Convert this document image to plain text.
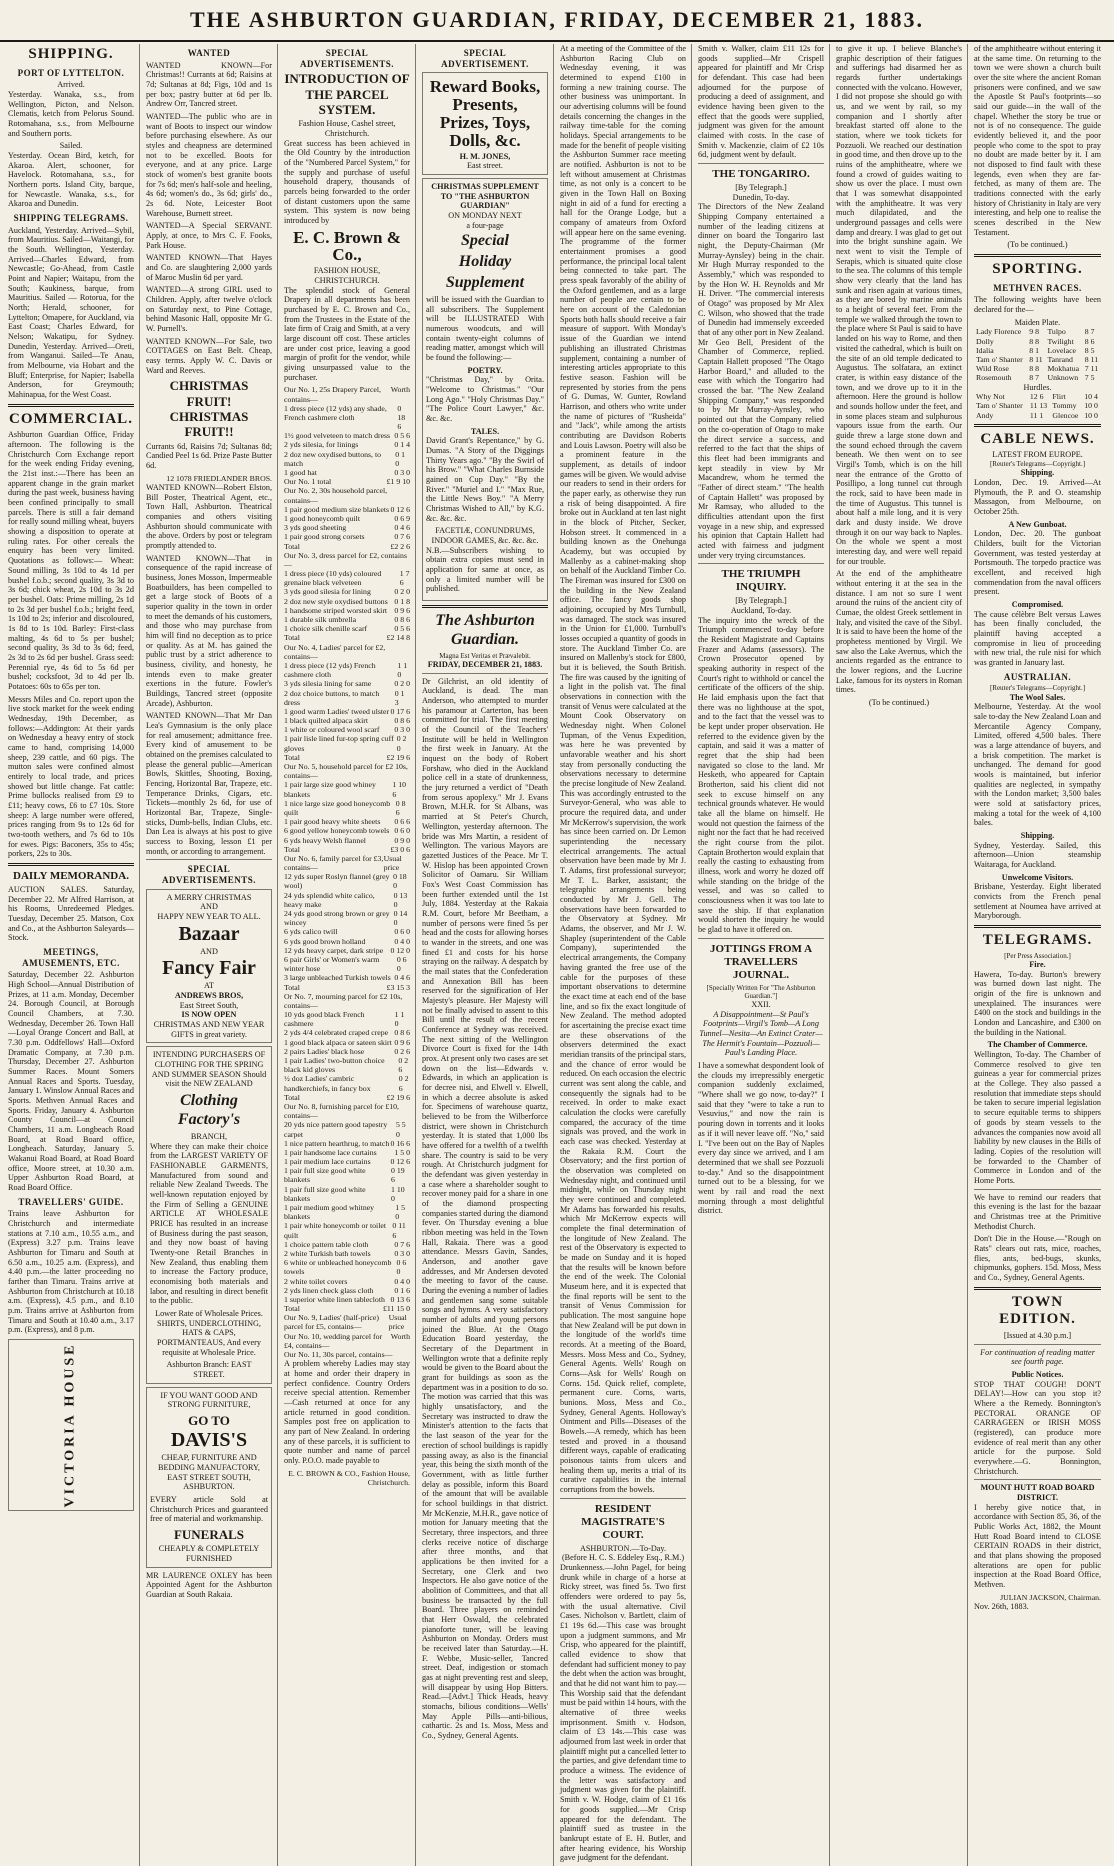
THE ASHBURTON GUARDIAN, FRIDAY, DECEMBER 21, 1883.
SHIPPING.
PORT OF LYTTELTON.
Arrived.

Yesterday. Wanaka, s.s., from Wellington, Picton, and Nelson. Clematis, ketch from Pelorus Sound. Rotomahana, s.s., from Melbourne and Southern ports.

Sailed.

Yesterday. Ocean Bird, ketch, for Akaroa. Alert, schooner, for Havelock. Rotomahana, s.s., for Northern ports. Island City, barque, for Newcastle. Wanaka, s.s., for Akaroa and Dunedin.

SHIPPING TELEGRAMS.

Auckland, Yesterday. Arrived—Sybil, from Mauritius. Sailed—Waitangi, for the South. Wellington, Yesterday. Arrived—Charles Edward, from Newcastle; Go-Ahead, from Castle Point and Napier; Waitapu, from the South; Kaukiness, barque, from Mauritius. Sailed — Rotorua, for the North; Herald, schooner, for Lyttelton; Omapere, for Auckland, via East Coast; Charles Edward, for Nelson; Wakatipu, for Sydney. Dunedin, Yesterday. Arrived—Oreti, from Wanganui. Sailed—Te Anau, from Melbourne, via Hobart and the Bluff; Enterprise, for Napier; Isabella Anderson, for Greymouth; Mahinapua, for the West Coast.

COMMERCIAL.

Ashburton Guardian Office, Friday afternoon. The following is the Christchurch Corn Exchange report for the week ending Friday evening, the 21st inst.:—There has been an apparent change in the grain market during the past week, business having been confined principally to small parcels. There is still a fair demand for really sound milling wheat, buyers showing a disposition to operate at ruling rates. For other cereals the enquiry has been very limited. Quotations as follows:— Wheat: Sound milling, 3s 10d to 4s 1d per bushel f.o.b.; second quality, 3s 3d to 3s 6d; chick wheat, 2s 10d to 3s 2d per bushel. Oats: Prime milling, 2s 1d to 2s 3d per bushel f.o.b.; bright feed, 1s 10d to 2s; inferior and discoloured, 1s 8d to 1s 10d. Barley: First-class malting, 4s 6d to 5s per bushel; second quality, 3s 3d to 3s 6d; feed, 2s 3d to 2s 6d per bushel. Grass seed: Perennial rye, 4s 6d to 5s 6d per bushel; cocksfoot, 3d to 4d per lb. Potatoes: 60s to 65s per ton.

Messrs Miles and Co. report upon the live stock market for the week ending Wednesday, 19th December, as follows:—Addington: At their yards on Wednesday a heavy entry of stock came to hand, comprising 14,000 sheep, 239 cattle, and 60 pigs. The mutton sales were confined almost entirely to local trade, and prices showed but little change. Fat cattle: Prime bullocks realised from £9 to £11; heavy cows, £6 to £7 10s. Store sheep: A large number were offered, prices ranging from 9s to 12s 6d for two-tooth wethers, and 7s 6d to 10s for ewes. Pigs: Baconers, 35s to 45s; porkers, 22s to 30s.

DAILY MEMORANDA.

AUCTION SALES. Saturday, December 22. Mr Alfred Harrison, at his Rooms, Unredeemed Pledges. Tuesday, December 25. Matson, Cox and Co., at the Ashburton Saleyards—Stock.

MEETINGS, AMUSEMENTS, ETC.

Saturday, December 22. Ashburton High School—Annual Distribution of Prizes, at 11 a.m. Monday, December 24. Borough Council, at Borough Council Chambers, at 7.30. Wednesday, December 26. Town Hall—Loyal Orange Concert and Ball, at 7.30 p.m. Oddfellows' Hall—Oxford Dramatic Company, at 7.30 p.m. Thursday, December 27. Ashburton Summer Races. Mount Somers Annual Races and Sports. Tuesday, January 1. Winslow Annual Races and Sports. Methven Annual Races and Sports. Friday, January 4. Ashburton County Council—at Council Chambers, 11 a.m. Longbeach Road Board, at Road Board office, Longbeach. Saturday, January 5. Wakanui Road Board, at Road Board office, Moore street, at 10.30 a.m. Upper Ashburton Road Board, at Road Board Office.

TRAVELLERS' GUIDE.

Trains leave Ashburton for Christchurch and intermediate stations at 7.10 a.m., 10.55 a.m., and (Express) 3.27 p.m. Trains leave Ashburton for Timaru and South at 6.50 a.m., 10.25 a.m. (Express), and 4.40 p.m.—the latter proceeding no farther than Timaru. Trains arrive at Ashburton from Christchurch at 10.18 a.m. (Express), 4.5 p.m., and 8.10 p.m. Trains arrive at Ashburton from Timaru and South at 10.40 a.m., 3.17 p.m. (Express), and 8 p.m.

VICTORIA HOUSE
WANTED

WANTED KNOWN—For Christmas!! Currants at 6d; Raisins at 7d; Sultanas at 8d; Figs, 10d and 1s per box; pastry butter at 6d per lb. Andrew Orr, Tancred street.

WANTED—The public who are in want of Boots to inspect our window before purchasing elsewhere. As our styles and cheapness are determined not to be excelled. Boots for everyone, and at any price. Large stock of women's best granite boots for 7s 6d; men's half-sole and heeling, 4s 6d; women's do., 3s 6d; girls' do., 2s 6d. Note, Leicester Boot Warehouse, Burnett street.

WANTED—A Special SERVANT. Apply, at once, to Mrs C. F. Fooks, Park House.

WANTED KNOWN—That Hayes and Co. are slaughtering 2,000 yards of Maroc Muslin 6d per yard.

WANTED—A strong GIRL used to Children. Apply, after twelve o'clock on Saturday next, to Pine Cottage, behind Masonic Hall, opposite Mr G. W. Purnell's.

WANTED KNOWN—For Sale, two COTTAGES on East Belt. Cheap, easy terms. Apply W. C. Davis or Ward and Reeves.

CHRISTMAS FRUIT! CHRISTMAS FRUIT!!

Currants 6d, Raisins 7d; Sultanas 8d; Candied Peel 1s 6d. Prize Paste Butter 6d.

12 1078 FRIEDLANDER BROS.

WANTED KNOWN—Robert Elston, Bill Poster, Theatrical Agent, etc., Town Hall, Ashburton. Theatrical companies and others visiting Ashburton should communicate with the above. Orders by post or telegram promptly attended to.

WANTED KNOWN—That in consequence of the rapid increase of business, Jones Mosson, Impermeable Boatbuilders, has been compelled to get a large stock of Boots of a superior quality in the town in order to meet the demands of his customers, and those who may purchase from him will find no deception as to price or quality. As at M. has gained the public trust by a strict adherence to business, civility, and honesty, he intends even to make greater exertions in the future. Fowler's Buildings, Tancred street (opposite Arcade), Ashburton.

WANTED KNOWN—That Mr Dan Lea's Gymnasium is the only place for real amusement; admittance free. Every kind of amusement to be obtained on the premises calculated to please the general public—American Bowls, Skittles, Shooting, Boxing, Fencing, Horizontal Bar, Trapeze, etc. Temperance Drinks, Cigars, etc. Tickets—monthly 2s 6d, for use of Horizontal Bar, Trapeze, Single-sticks, Dumb-bells, Indian Clubs, etc. Dan Lea is always at his post to give success to Boxing, lesson £1 per month, or according to arrangement.

SPECIAL ADVERTISEMENTS.
A MERRY CHRISTMAS
AND
HAPPY NEW YEAR TO ALL.
Bazaar
AND
Fancy Fair
AT
ANDREWS BROS,
East Street South,
IS NOW OPEN
CHRISTMAS AND NEW YEAR GIFTS in great variety.

INTENDING PURCHASERS OF CLOTHING FOR THE SPRING AND SUMMER SEASON Should visit the NEW ZEALAND

Clothing Factory's
BRANCH,

Where they can make their choice from the LARGEST VARIETY OF FASHIONABLE GARMENTS, Manufactured from sound and reliable New Zealand Tweeds. The well-known reputation enjoyed by the Firm of Selling a GENUINE ARTICLE AT WHOLESALE PRICE has resulted in an increase of Business during the past season, and they now boast of having Twenty-one Retail Branches in New Zealand, thus enabling them to increase the Factory produce, economising both materials and labor, and resulting in direct benefit to the public.

Lower Rate of Wholesale Prices.

SHIRTS, UNDERCLOTHING, HATS & CAPS, PORTMANTEAUS, And every requisite at Wholesale Price.

Ashburton Branch: EAST STREET.

IF YOU WANT GOOD AND STRONG FURNITURE,

GO TO
DAVIS'S

CHEAP, FURNITURE AND BEDDING MANUFACTORY, EAST STREET SOUTH, ASHBURTON.

EVERY article Sold at Christchurch Prices and guaranteed free of material and workmanship.

FUNERALS
CHEAPLY & COMPLETELY FURNISHED

MR LAURENCE OXLEY has been Appointed Agent for the Ashburton Guardian at South Rakaia.

SPECIAL ADVERTISEMENTS.
INTRODUCTION OF THE PARCEL SYSTEM.
Fashion House, Cashel street, Christchurch.

Great success has been achieved in the Old Country by the introduction of the "Numbered Parcel System," for the supply and purchase of useful household drapery, thousands of parcels being forwarded to the order of distant customers upon the same system. This system is now being introduced by

E. C. Brown & Co.,
FASHION HOUSE, CHRISTCHURCH.

The splendid stock of General Drapery in all departments has been purchased by E. C. Brown and Co., from the Trustees in the Estate of the late firm of Craig and Smith, at a very large discount off cost. These articles are under cost price, leaving a good margin of profit for the vendor, while giving unsurpassed value to the purchaser.

Our No. 1, 25s Drapery Parcel, contains—
Worth
1 dress piece (12 yds) any shade, French cashmere cloth
0 18 6
1½ good velveteen to match dress 0 5 6
2 yds silesia, for linings	0 1 4
2 doz new oxydised buttons, to match
0 1 0
1 good hat	0 3 0
Our No. 1 total	£1 9 10
Our No. 2, 30s household parcel, contains—
1 pair good medium size blankets 0 12 6
1 good honeycomb quilt	0 6 9
3 yds good sheeting	0 4 6
1 pair good strong corsets	0 7 6
Total	£2 2 6
Our No. 3, dress parcel for £2, contains—
1 dress piece (10 yds) coloured grenaine black velveteen
1 7 6
3 yds good silesia for lining	0 2 0
2 doz new style oxydised buttons 0 1 8
1 handsome striped worsted skirt 0 9 6
1 durable silk umbrella	0 8 6
1 choice silk chenille scarf	0 5 6
Total	£2 14 8
Our No. 4, Ladies' parcel for £2, contains—
1 dress piece (12 yds) French cashmere cloth
1 1 0
3 yds silesia lining for same	0 2 0
2 doz choice buttons, to match dress
0 1 3
1 good warm Ladies' tweed ulster 0 17 6
1 black quilted alpaca skirt	0 8 6
1 white or coloured wool scarf 0 3 0
1 pair lisle lined fur-top spring cuff gloves
0 2 0
Total	£2 19 6
Our No. 5, household parcel for £2 10s, contains—
1 pair large size good whiney blankets
1 10 6
1 nice large size good honeycomb quilt
0 8 6
1 pair good heavy white sheets 0 6 6
6 good yellow honeycomb towels 0 6 0
6 yds heavy Welsh flannel	0 9 0
Total	£3 0 6
Our No. 6, family parcel for £3, contains—
Usual price
12 yds super Roslyn flannel (grey wool)
0 18 0
24 yds splendid white calico, heavy make
0 13 0
24 yds good strong brown or grey wincey
0 14 0
6 yds calico twill	0 6 0
6 yds good brown holland	0 4 0
12 yds heavy carpet, dark stripe 0 12 0
6 pair Girls' or Women's warm winter hose
0 6 0
3 large unbleached Turkish towels 0 4 6
Total	£3 15 3
Or No. 7, mourning parcel for £2 10s, contains—
10 yds good black French cashmere
1 1 0
2 yds 4/4 celebrated craped crepe 0 8 6
1 good black alpaca or sateen skirt 0 9 6
2 pairs Ladies' black hose	0 2 6
1 pair Ladies' two-button choice black kid gloves
0 2 6
½ doz Ladies' cambric handkerchiefs, in fancy box
0 2 6
Total	£2 19 6
Our No. 8, furnishing parcel for £10, contains—
20 yds nice pattern good tapestry carpet
5 5 0
1 nice pattern hearthrug, to match 0 16 6
1 pair handsome lace curtains 1 5 0
1 pair medium lace curtains	0 12 6
1 pair full size good white blankets
0 19 6
1 pair full size good white blankets
1 10 0
1 pair medium good whitney blankets
1 5 0
1 pair white honeycomb or toilet quilt
0 11 6
1 choice pattern table cloth	0 7 6
2 white Turkish bath towels	0 3 0
6 white or unbleached honeycomb towels
0 6 0
2 white toilet covers	0 4 0
2 yds linen check glass cloth	0 1 6
1 superior white linen tablecloth 0 13 6
Total	£11 15 0
Our No. 9, Ladies' (half-price) parcel for £5, contains—
Usual price
Our No. 10, wedding parcel for £4, contains—
Worth
Our No. 11, 30s parcel, contains—

A problem whereby Ladies may stay at home and order their drapery in perfect confidence. Country Orders receive special attention. Remember—Cash returned at once for any article returned in good condition. Samples post free on application to any part of New Zealand. In ordering any of these parcels, it is sufficient to quote number and name of parcel only. P.O.O. made payable to

E. C. BROWN & CO., Fashion House, Christchurch.
SPECIAL ADVERTISEMENT.
Reward Books, Presents, Prizes, Toys, Dolls, &c.
H. M. JONES,
East street.
CHRISTMAS SUPPLEMENT TO "THE ASHBURTON GUARDIAN"
ON MONDAY NEXT
a four-page
Special
Holiday
Supplement

will be issued with the Guardian to all subscribers. The Supplement will be ILLUSTRATED With numerous woodcuts, and will contain twenty-eight columns of reading matter, amongst which will be found the following:—

POETRY.

"Christmas Day," by Orita. "Welcome to Christmas." "Our Long Ago." "Holy Christmas Day." "The Police Court Lawyer," &c. &c. &c.

TALES.

David Grant's Repentance," by G. Dumas. "A Story of the Diggings Thirty Years ago." "By the Swirl of his Brow." "What Charles Burnside gained on Cup Day." "By the River." "Muriel and I." "Max Rue, the Little News Boy." "A Merry Christmas Wished to All," by K.G. &c. &c. &c.

FACETIÆ, CONUNDRUMS, INDOOR GAMES, &c. &c. &c.

N.B.—Subscribers wishing to obtain extra copies must send in application for same at once, as only a limited number will be published.

The Ashburton Guardian.
Magna Est Veritas et Prævalebit.
FRIDAY, DECEMBER 21, 1883.

Dr Gilchrist, an old identity of Auckland, is dead. The man Anderson, who attempted to murder his paramour at Carterton, has been committed for trial. The first meeting of the Council of the Teachers' Institute will be held in Wellington the first week in January. At the inquest on the body of Robert Forshaw, who died in the Auckland police cell in a state of drunkenness, the jury returned a verdict of "Death from serous apoplexy." Mr J. Evans Brown, M.H.R. for St Albans, was married at St Peter's Church, Wellington, yesterday afternoon. The bride was Mrs Martin, a resident of Wellington. The various Mayors are gazetted Justices of the Peace. Mr T. W. Hislop has been appointed Crown Solicitor of Oamaru. Sir William Fox's West Coast Commission has been further extended until the 1st July, 1884. Yesterday at the Rakaia R.M. Court, before Mr Beetham, a number of persons were fined 5s per head and the costs for allowing horses to wander in the streets, and one was fined £1 and costs for his horse straying on the railway. A despatch by the mail states that the Confederation and Annexation Bill has been reserved for the signification of Her Majesty's pleasure. Her Majesty will not be finally advised to assent to this Bill until the result of the recent Conference at Sydney was received. The next sitting of the Wellington Divorce Court is fixed for the 14th prox. At present only two cases are set down on the list—Edwards v. Edwards, in which an application is for decree nisi, and Elwell v. Elwell, in which a decree absolute is asked for. Specimens of warehouse quartz, believed to be from the Wilberforce district, were shown in Christchurch yesterday. It is stated that 1,000 lbs have offered for a twelfth of a twelfth share. The country is said to be very rough. At Christchurch judgment for the defendant was given yesterday in a case where a shareholder sought to recover money paid for a share in one of the diamond prospecting companies started during the diamond fever. On Thursday evening a blue ribbon meeting was held in the Town Hall, Rakaia. There was a good attendance. Messrs Gavin, Sandes, Anderson, and another gave addresses, and Mr Andersen devoted the meeting to favor of the cause. During the evening a number of ladies and gentlemen sang some suitable songs and hymns. A very satisfactory number of adults and young persons joined the Blue. At the Otago Education Board yesterday, the Secretary of the Department in Wellington wrote that a definite reply would be given to the Board about the grant for buildings as soon as the department was in a position to do so. The motion was carried that this was highly unsatisfactory, and the Secretary was instructed to draw the Minister's attention to the facts that the last season of the year for the erection of school buildings is rapidly passing away, as also is the financial year, this being the sixth month of the Government, with as little further delay as possible, inform this Board of the amount that will be available for school buildings in that district. Mr McKenzie, M.H.R., gave notice of motion for January meeting that the Secretary, three inspectors, and three clerks receive notice of discharge after three months, and that applications be then invited for a Secretary, one Clerk and two Inspectors. He also gave notice of the abolition of Committees, and that all business be transacted by the full Board. Three players on reminded that Herr Oswald, the celebrated pianoforte tuner, will be leaving Ashburton on Monday. Orders must be received later than Saturday.—H. F. Webbe, Music-seller, Tancred street. Deaf, indigestion or stomach gas at night preventing rest and sleep, will disappear by using Hop Bitters. Read.—[Advt.] Thick Heads, heavy stomachs, bilious conditions—Wells' May Apple Pills—anti-bilious, cathartic. 2s and 1s. Moss, Mess and Co., Sydney, General Agents.

At a meeting of the Committee of the Ashburton Racing Club on Wednesday evening, it was determined to expend £100 in forming a new training course. The other business was unimportant. In our advertising columns will be found details concerning the changes in the railway time-table for the coming holidays. Special arrangements to be made for the benefit of people visiting the Ashburton Summer race meeting are notified. Ashburton is not to be left without amusement at Christmas time, as not only is a concert to be given in the Town Hall on Boxing night in aid of a fund for erecting a hall for the Orange Lodge, but a company of amateurs from Oxford will appear here on the same evening. The programme of the former entertainment promises a good performance, the principal local talent being connected to take part. The press speak favorably of the ability of the Oxford gentlemen, and as a large number of people are certain to be here on account of the Caledonian Sports both halls should receive a fair measure of support. With Monday's issue of the Guardian we intend publishing an illustrated Christmas supplement, containing a number of interesting articles appropriate to this festive season. Fashion will be represented by stories from the pens of G. Dumas, W. Gunter, Rowland Harrison, and others who write under the name of pictures of "Rusheida" and "Jack", while among the artists contributing are Davidson Roberts and Louis Lawson. Poetry will also be a prominent feature in the supplement, as details of indoor games will be given. We would advise our readers to send in their orders for the paper early, as otherwise they run a risk of being disappointed. A fire broke out in Auckland at ten last night in the block of Pitcher, Secker, Hobson street. It commenced in a building known as the Onehunga Academy, but was occupied by Mallenby as a cabinet-making shop on behalf of the Auckland Timber Co. The Fireman was insured for £300 on the building in the New Zealand office. The fancy goods shop adjoining, occupied by Mrs Turnbull, was damaged. The stock was insured in the Union for £1,000. Turnbull's losses occupied a quantity of goods in store. The Auckland Timber Co. are insured on Mallenby's stock for £800, but it is believed, the South British. The fire was caused by the igniting of a light in the polish vat. The final observations in connection with the transit of Venus were calculated at the Mount Cook Observatory on Wednesday night. When Colonel Tupman, of the Venus Expedition, was here he was prevented by unfavorable weather and his short stay from personally conducting the observations necessary to determine the precise longitude of New Zealand. This was accordingly entrusted to the Surveyor-General, who was able to procure the required data, and under Mr McKerrow's supervision, the work has since been carried on. Dr Lemon superintending the necessary electrical arrangements. The actual observation have been made by Mr J. T. Adams, first professional surveyor; Mr T. L. Barker, assistant; the telegraphic arrangements being conducted by Mr J. Gell. The observations have been forwarded to the Observatory at Sydney. Mr Adams, the observer, and Mr J. W. Shapley (superintendent of the Cable Company), superintended the electrical arrangements, the Company having granted the free use of the cable for the purposes of these important observations to determine the exact time at each end of the base line, and so fix the exact longitude of New Zealand. The method adopted for ascertaining the precise exact time are these observations of the observers determined the exact meridian transits of the principal stars, and the chance of error would be reduced. On each occasion the electric current was sent along the cable, and consequently the signals had to be received. In order to make exact calculation the clocks were carefully compared, the accuracy of the time signals was proved, and the work in each case was checked. Yesterday at the Rakaia R.M. Court the Observatory; and the first portion of the observation was completed on Wednesday night, and continued until midnight, while on Thursday night they were continued and completed. Mr Adams has forwarded his results, which Mr McKerrow expects will complete the final determination of the longitude of New Zealand. The rest of the Observatory is expected to be made on Sunday and it is hoped that the results will be known before the end of the week. The Colonial Museum here, and it is expected that the final reports will be sent to the transit of Venus Commission for publication. The most sanguine hope that New Zealand will be put down in the longitude of the world's time records. At a meeting of the Board, Messrs. Moss Mess and Co., Sydney, General Agents. Wells' Rough on Corns—Ask for Wells' Rough on Corns. 15d. Quick relief, complete, permanent cure. Corns, warts, bunions. Moss, Mess and Co., Sydney, General Agents. Holloway's Ointment and Pills—Diseases of the Bowels.—A remedy, which has been tested and proved in a thousand different ways, capable of eradicating poisonous taints from ulcers and healing them up, merits a trial of its curative capabilities in the internal corruptions from the bowels.

RESIDENT MAGISTRATE'S COURT.
ASHBURTON.—To-Day.
(Before H. C. S. Eddeley Esq., R.M.)

Drunkenness.—John Pagel, for being drunk while in charge of a horse at Ricky street, was fined 5s. Two first offenders were ordered to pay 5s, with the usual alternative. Civil Cases. Nicholson v. Bartlett, claim of £1 19s 6d.—This case was brought upon a judgment summons, and Mr Crisp, who appeared for the plaintiff, called evidence to show that defendant had sufficient money to pay the debt when the action was brought, and that he did not want him to pay.—This Worship said that the defendant must be paid within 14 hours, with the alternative of three weeks imprisonment. Smith v. Hodson, claim of £3 14s.—This case was adjourned from last week in order that plaintiff might put a cancelled letter to the parties, and give defendant time to produce a witness. The evidence of the letter was satisfactory and judgment was given for the plaintiff. Smith v. W. Hodge, claim of £1 16s for goods supplied.—Mr Crisp appeared for the defendant. The plaintiff sued as trustee in the bankrupt estate of E. H. Butler, and after hearing evidence, his Worship gave judgment for the defendant.

Smith v. Walker, claim £11 12s for goods supplied—Mr Crispell appeared for plaintiff and Mr Crisp for defendant. This case had been adjourned for the purpose of producing a deed of assignment, and evidence having been given to the effect that the goods were supplied, judgment was given for the amount claimed with costs. In the case of Smith v. Mackenzie, claim of £2 10s 6d, judgment went by default.

THE TONGARIRO.
[By Telegraph.]
Dunedin, To-day.

The Directors of the New Zealand Shipping Company entertained a number of the leading citizens at dinner on board the Tongariro last night, the Deputy-Chairman (Mr Murray-Aynsley) being in the chair. Mr Hugh Murray responded to the Assembly," which was responded to by the Hon W. H. Reynolds and Mr H. Driver. "The commercial interests of Otago" was proposed by Mr Alex C. Wilson, who showed that the trade of Dunedin had immensely exceeded that of any other port in New Zealand. Mr Geo Bell, President of the Chamber of Commerce, replied. Captain Hallett proposed "The Otago Harbor Board," and alluded to the ease with which the Tongariro had crossed the bar. "The New Zealand Shipping Company," was responded to by Mr Murray-Aynsley, who pointed out that the Company relied on the co-operation of Otago to make the direct service a success, and referred to the fact that the ships of this fleet had been immigrants and kept steadily in view by Mr Macandrew, whom he termed the "Father of direct steam." "The health of Captain Hallett" was proposed by Mr Ramsay, who alluded to the difficulties attendant upon the first voyage in a new ship, and expressed his opinion that Captain Hallett had acted with fairness and judgment under very trying circumstances.

THE TRIUMPH INQUIRY.
[By Telegraph.]
Auckland, To-day.

The inquiry into the wreck of the Triumph commenced to-day before the Resident Magistrate and Captains Frazer and Adams (assessors). The Crown Prosecutor opened by speaking authority in respect of the Court's right to withhold or cancel the certificate of the officers of the ship. He laid emphasis upon the fact that there was no lighthouse at the spot, and to the fact that the vessel was to be kept under proper observation. He referred to the evidence given by the captain, and said it was a matter of regret that the ship had been navigated so close to the land. Mr Hesketh, who appeared for Captain Brotherton, said his client did not seek to excuse himself on any technical grounds whatever. He would take all the blame on himself. He would not question the fairness of the night nor the fact that he had received the right course from the pilot. Captain Brotherton would explain that really the casting to exhausting from illness, work and worry he dozed off while standing on the bridge of the vessel, and was so called to consciousness when it was too late to save the ship. If that explanation would shorten the inquiry he would be glad to have it offered on.

JOTTINGS FROM A TRAVELLERS JOURNAL.
[Specially Written For "The Ashburton Guardian."]
XXII.

A Disappointment—St Paul's Footprints—Virgil's Tomb—A Long Tunnel—Nesita—An Extinct Crater—The Hermit's Fountain—Pozzuoli—Paul's Landing Place.

I have a somewhat despondent look of the clouds my irrepressibly energetic companion suddenly exclaimed, "Where shall we go now, to-day?" I said that they "were to take a run to Vesuvius," and now the rain is pouring down in torrents and it looks as if it will never leave off. "No," said I. "I've been out on the Bay of Naples every day since we arrived, and I am determined that we shall see Pozzuoli to-day." And so the disappointment turned out to be a blessing, for we went by rail and road the next morning through a most delightful district.

to give it up. I believe Blanche's graphic description of their fatigues and sufferings had disarmed her as regards further undertakings connected with the volcano. However, I did not propose she should go with us, and we went by rail, so my companion and I shortly after breakfast started off alone to the station, where we took tickets for Pozzuoli. We reached our destination in good time, and then drove up to the ruins of the amphitheatre, where we found a crowd of guides waiting to show us over the place. I must own that I was somewhat disappointed with the amphitheatre. It was very much dilapidated, and the underground passages and cells were damp and dreary. I was glad to get out into the bright sunshine again. We next went to visit the Temple of Serapis, which is situated quite close to the sea. The columns of this temple show very clearly that the land has sunk and risen again at various times, as they are bored by marine animals to a height of several feet. From the temple we walked through the town to the place where St Paul is said to have landed on his way to Rome, and then visited the cathedral, which is built on the site of an old temple dedicated to Augustus. The solfatara, an extinct crater, is within easy distance of the town, and we drove up to it in the afternoon. Here the ground is hollow and sounds hollow under the feet, and in some places steam and sulphurous vapours issue from the earth. Our guide threw a large stone down and the sound echoed through the cavern beneath. We then went on to see Virgil's Tomb, which is on the hill near the entrance of the Grotto of Posillipo, a long tunnel cut through the rock, said to have been made in the time of Augustus. This tunnel is about half a mile long, and it is very dark and dusty inside. We drove through it on our way back to Naples. On the whole we spent a most interesting day, and were well repaid for our trouble.

At the end of the amphitheatre without entering it at the sea in the distance. I am not so sure I went around the ruins of the ancient city of Cumae, the oldest Greek settlement in Italy, and visited the cave of the Sibyl. It is said to have been the home of the prophetess mentioned by Virgil. We saw also the Lake Avernus, which the ancients regarded as the entrance to the lower regions, and the Lucrine Lake, famous for its oysters in Roman times.

(To be continued.)

of the amphitheatre without entering it at the same time. On returning to the town we were shown a church built over the site where the ancient Roman prisoners were confined, and we saw the Apostle St Paul's footprints—so said our guide—in the wall of the chapel. Whether the story be true or not is of no consequence. The guide evidently believed it, and the poor people who come to the spot to pray no doubt are made better by it. I am not disposed to find fault with these legends, even when they are far-fetched, as many of them are. The traditions connected with the early history of Christianity in Italy are very interesting, and help one to realise the scenes described in the New Testament.

(To be continued.)
SPORTING.
METHVEN RACES.

The following weights have been declared for the—

Maiden Plate.
Lady Florence	9 8	Tulpo	8 7
Dolly	8 8	Twilight	8 6
Idalia	8 1	Lovelace	8 5
Tam o' Shanter	8 11	Tanrand	8 11
Wild Rose	8 8	Mokhatua	7 11
Rosemouth	8 7	Unknown	7 5
Hurdles.
Why Not	12 6	Flirt	10 4
Tam o' Shanter	11 13	Tommy	10 0
Andy	11 1	Glencoe	10 0
CABLE NEWS.
LATEST FROM EUROPE.
[Reuter's Telegrams—Copyright.]
Shipping.

London, Dec. 19. Arrived—At Plymouth, the P. and O. steamship Massagon, from Melbourne, on October 25th.

A New Gunboat.

London, Dec. 20. The gunboat Childers, built for the Victorian Government, was tested yesterday at Portsmouth. The torpedo practice was excellent, and received high commendation from the naval officers present.

Compromised.

The cause célèbre Belt versus Lawes has been finally concluded, the plaintiff having accepted a compromise in lieu of proceeding with new trial, the rule nisi for which was granted in January last.

AUSTRALIAN.
[Reuter's Telegrams—Copyright.]
The Wool Sales.

Melbourne, Yesterday. At the wool sale to-day the New Zealand Loan and Mercantile Agency Company, Limited, offered 4,500 bales. There was a large attendance of buyers, and a brisk competition. The market is unchanged. The demand for good wools is maintained, but inferior qualities are neglected, in sympathy with the London market; 3,500 bales were sold at satisfactory prices, making a total for the week of 4,100 bales.

Shipping.

Sydney, Yesterday. Sailed, this afternoon—Union steamship Waitaraga, for Auckland.

Unwelcome Visitors.

Brisbane, Yesterday. Eight liberated convicts from the French penal settlement at Noumea have arrived at Maryborough.

TELEGRAMS.
[Per Press Association.]
Fire.

Hawera, To-day. Burton's brewery was burned down last night. The origin of the fire is unknown and unexplained. The insurances were £400 on the stock and buildings in the London and Lancashire, and £300 on the building in the National.

The Chamber of Commerce.

Wellington, To-day. The Chamber of Commerce resolved to give ten guineas a year for commercial prizes at the College. They also passed a resolution that immediate steps should be taken to secure imperial legislation to secure equitable terms to shippers of goods by steam vessels to the advances the companies now avoid all liability by new clauses in the Bills of lading. Copies of the resolution will be forwarded to the Chamber of Commerce in London and of the Home Ports.

We have to remind our readers that this evening is the last for the bazaar and Christmas tree at the Primitive Methodist Church.

Don't Die in the House.—"Rough on Rats" clears out rats, mice, roaches, flies, ants, bed-bugs, skunks, chipmunks, gophers. 15d. Moss, Mess and Co., Sydney, General Agents.

TOWN EDITION.
[Issued at 4.30 p.m.]

For continuation of reading matter see fourth page.

Public Notices.

STOP THAT COUGH! DON'T DELAY!—How can you stop it? Where a the Remedy. Bonnington's PECTORAL ORANGE OF CARRAGEEN or IRISH MOSS (registered), can produce more evidence of real merit than any other article for the purpose. Sold everywhere.—G. Bonnington, Christchurch.

MOUNT HUTT ROAD BOARD DISTRICT.

I hereby give notice that, in accordance with Section 85, 36, of the Public Works Act, 1882, the Mount Hutt Road Board intend to CLOSE CERTAIN ROADS in their district, and that plans showing the proposed alterations are open for public inspection at the Road Board Office, Methven.

JULIAN JACKSON, Chairman.
Nov. 26th, 1883.
